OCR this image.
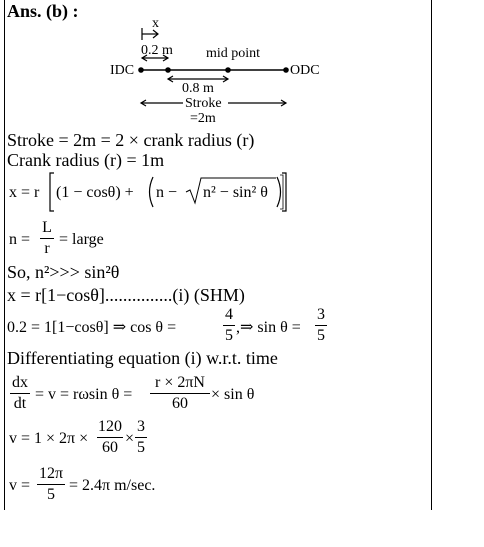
Ans. (b) :
x
0.2 m mid point
IDC	ODC
0.8 m
Stroke
=2m
Stroke = 2m = 2 × crank radius (r)
Crank radius (r) = 1m
x = r (1 − cosθ) + n − n² − sin² θ
n =
L
r
= large
So, n²>>> sin²θ
x = r[1−cosθ]...............(i) (SHM)
0.2 = 1[1−cosθ] ⇒ cos θ =
4
5 ,⇒ sin θ =
3
5
Differentiating equation (i) w.r.t. time
dx
dt
= v = rωsin θ =
r × 2πN
60
× sin θ
v = 1 × 2π ×
120
60
×
3
5
v =
12π
5
= 2.4π m/sec.
